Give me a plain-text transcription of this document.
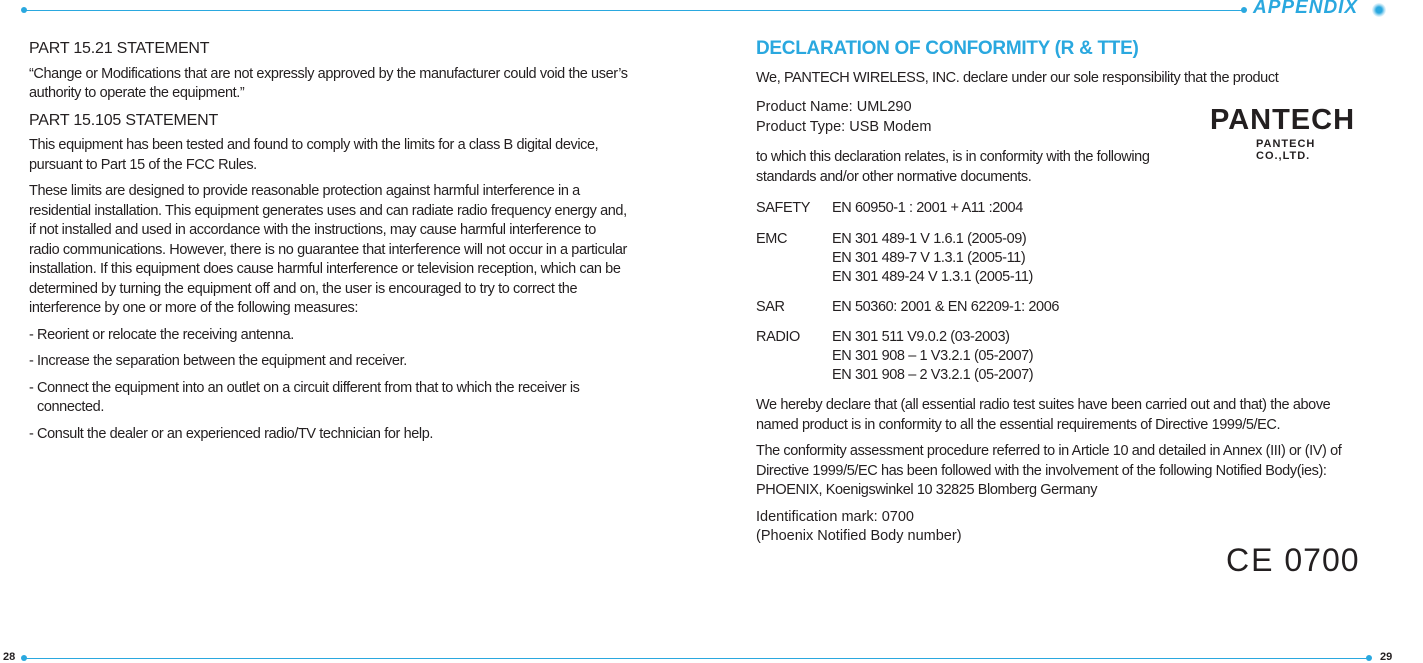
APPENDIX
28	29

PART 15.21 STATEMENT

“Change or Modifications that are not expressly approved by the manufacturer could void the user’s authority to operate the equipment.”

PART 15.105 STATEMENT

This equipment has been tested and found to comply with the limits for a class B digital device, pursuant to Part 15 of the FCC Rules.

These limits are designed to provide reasonable protection against harmful interference in a residential installation. This equipment generates uses and can radiate radio frequency energy and, if not installed and used in accordance with the instructions, may cause harmful interference to radio communications. However, there is no guarantee that interference will not occur in a particular installation. If this equipment does cause harmful interference or television reception, which can be determined by turning the equipment off and on, the user is encouraged to try to correct the interference by one or more of the following measures:

- Reorient or relocate the receiving antenna.

- Increase the separation between the equipment and receiver.

- Connect the equipment into an outlet on a circuit different from that to which the receiver is connected.

- Consult the dealer or an experienced radio/TV technician for help.

DECLARATION OF CONFORMITY (R & TTE)

We, PANTECH WIRELESS, INC. declare under our sole responsibility that the product

Product Name: UML290
Product Type: USB Modem

to which this declaration relates, is in conformity with the following standards and/or other normative documents.

SAFETY	EN 60950-1 : 2001 + A11 :2004
EMC	EN 301 489-1 V 1.6.1 (2005-09)
EN 301 489-7 V 1.3.1 (2005-11)
EN 301 489-24 V 1.3.1 (2005-11)
SAR	EN 50360: 2001 & EN 62209-1: 2006
RADIO	EN 301 511 V9.0.2 (03-2003)
EN 301 908 – 1 V3.2.1 (05-2007)
EN 301 908 – 2 V3.2.1 (05-2007)

We hereby declare that (all essential radio test suites have been carried out and that) the above named product is in conformity to all the essential requirements of Directive 1999/5/EC.

The conformity assessment procedure referred to in Article 10 and detailed in Annex (III) or (IV) of Directive 1999/5/EC has been followed with the involvement of the following Notified Body(ies):

PHOENIX, Koenigswinkel 10 32825 Blomberg Germany

Identification mark: 0700
(Phoenix Notified Body number)
PANTECH
PANTECH CO.,LTD.
CE 0700
